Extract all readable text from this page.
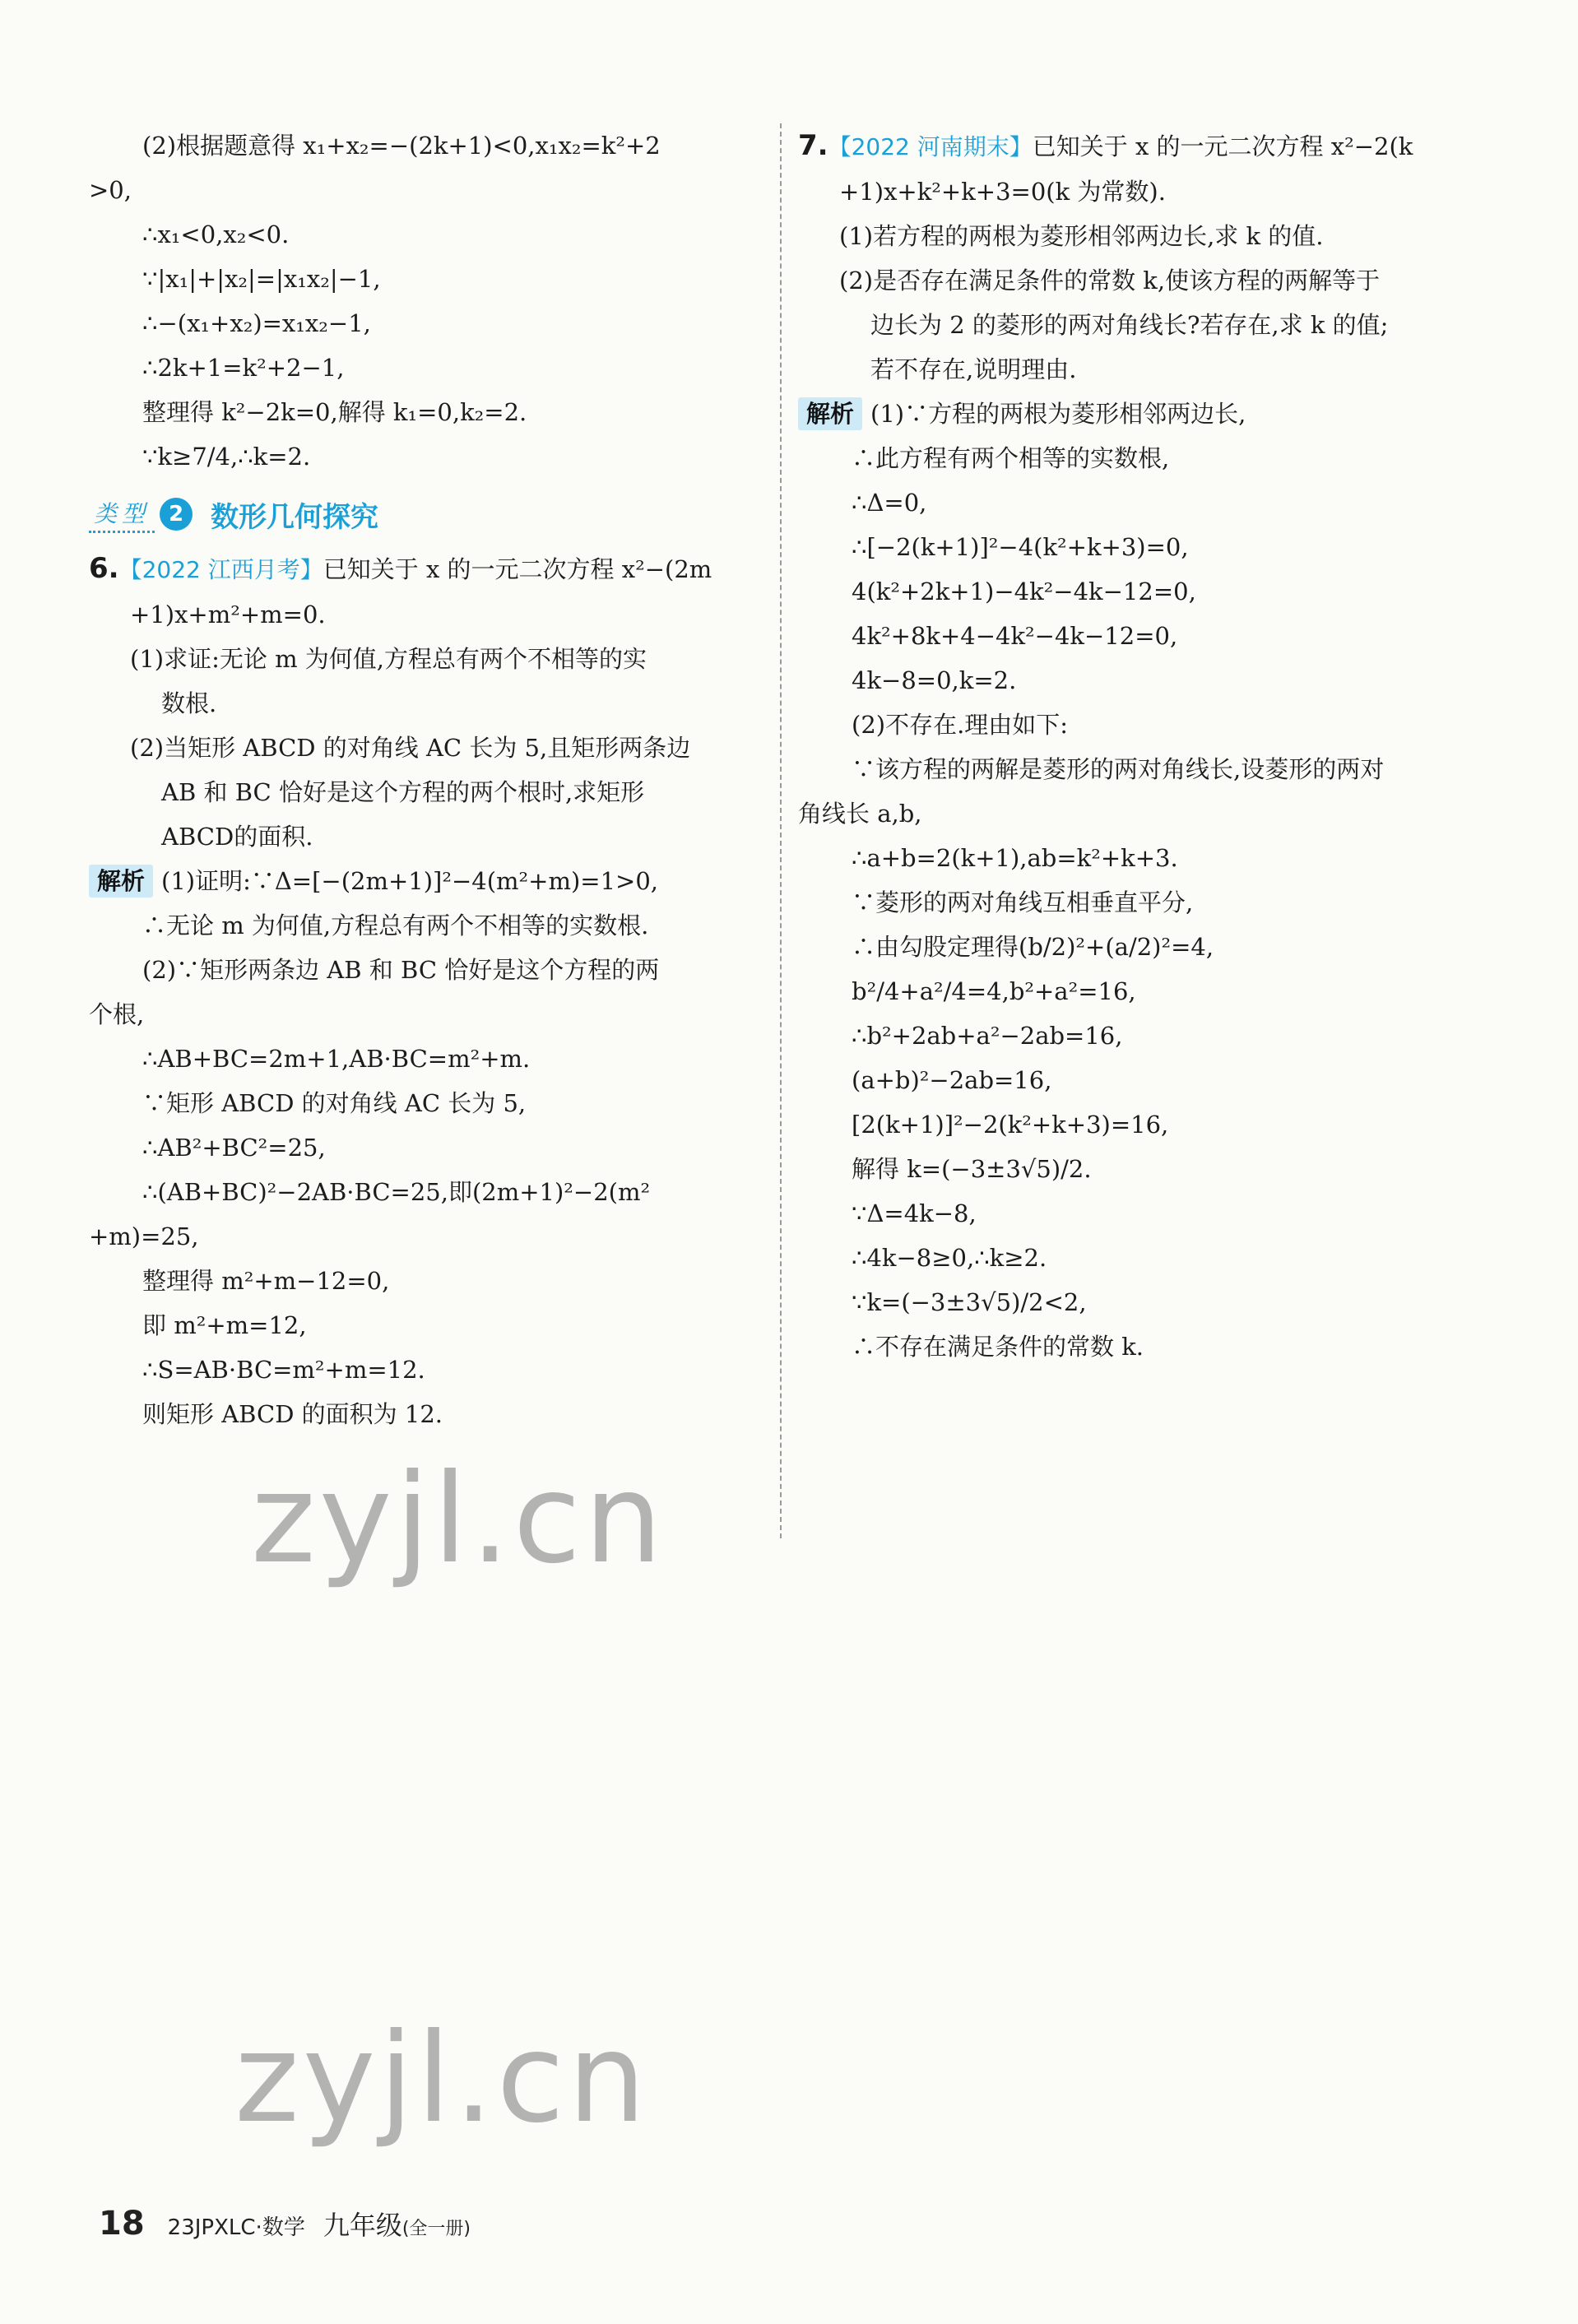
(2)根据题意得 x₁+x₂=−(2k+1)<0,x₁x₂=k²+2
>0,
∴x₁<0,x₂<0.
∵|x₁|+|x₂|=|x₁x₂|−1,
∴−(x₁+x₂)=x₁x₂−1,
∴2k+1=k²+2−1,
整理得 k²−2k=0,解得 k₁=0,k₂=2.
∵k≥7/4,∴k=2.
类型 2 数形几何探究
6.【2022 江西月考】已知关于 x 的一元二次方程 x²−(2m
+1)x+m²+m=0.
(1)求证:无论 m 为何值,方程总有两个不相等的实
数根.
(2)当矩形 ABCD 的对角线 AC 长为 5,且矩形两条边
AB 和 BC 恰好是这个方程的两个根时,求矩形
ABCD的面积.
解析 (1)证明:∵Δ=[−(2m+1)]²−4(m²+m)=1>0,
∴无论 m 为何值,方程总有两个不相等的实数根.
(2)∵矩形两条边 AB 和 BC 恰好是这个方程的两
个根,
∴AB+BC=2m+1,AB·BC=m²+m.
∵矩形 ABCD 的对角线 AC 长为 5,
∴AB²+BC²=25,
∴(AB+BC)²−2AB·BC=25,即(2m+1)²−2(m²
+m)=25,
整理得 m²+m−12=0,
即 m²+m=12,
∴S=AB·BC=m²+m=12.
则矩形 ABCD 的面积为 12.
7.【2022 河南期末】已知关于 x 的一元二次方程 x²−2(k
+1)x+k²+k+3=0(k 为常数).
(1)若方程的两根为菱形相邻两边长,求 k 的值.
(2)是否存在满足条件的常数 k,使该方程的两解等于
边长为 2 的菱形的两对角线长?若存在,求 k 的值;
若不存在,说明理由.
解析 (1)∵方程的两根为菱形相邻两边长,
∴此方程有两个相等的实数根,
∴Δ=0,
∴[−2(k+1)]²−4(k²+k+3)=0,
4(k²+2k+1)−4k²−4k−12=0,
4k²+8k+4−4k²−4k−12=0,
4k−8=0,k=2.
(2)不存在.理由如下:
∵该方程的两解是菱形的两对角线长,设菱形的两对
角线长 a,b,
∴a+b=2(k+1),ab=k²+k+3.
∵菱形的两对角线互相垂直平分,
∴由勾股定理得(b/2)²+(a/2)²=4,
b²/4+a²/4=4,b²+a²=16,
∴b²+2ab+a²−2ab=16,
(a+b)²−2ab=16,
[2(k+1)]²−2(k²+k+3)=16,
解得 k=(−3±3√5)/2.
∵Δ=4k−8,
∴4k−8≥0,∴k≥2.
∵k=(−3±3√5)/2<2,
∴不存在满足条件的常数 k.
zyjl.cn
zyjl.cn
18 23JPXLC·数学 九年级 (全一册)
